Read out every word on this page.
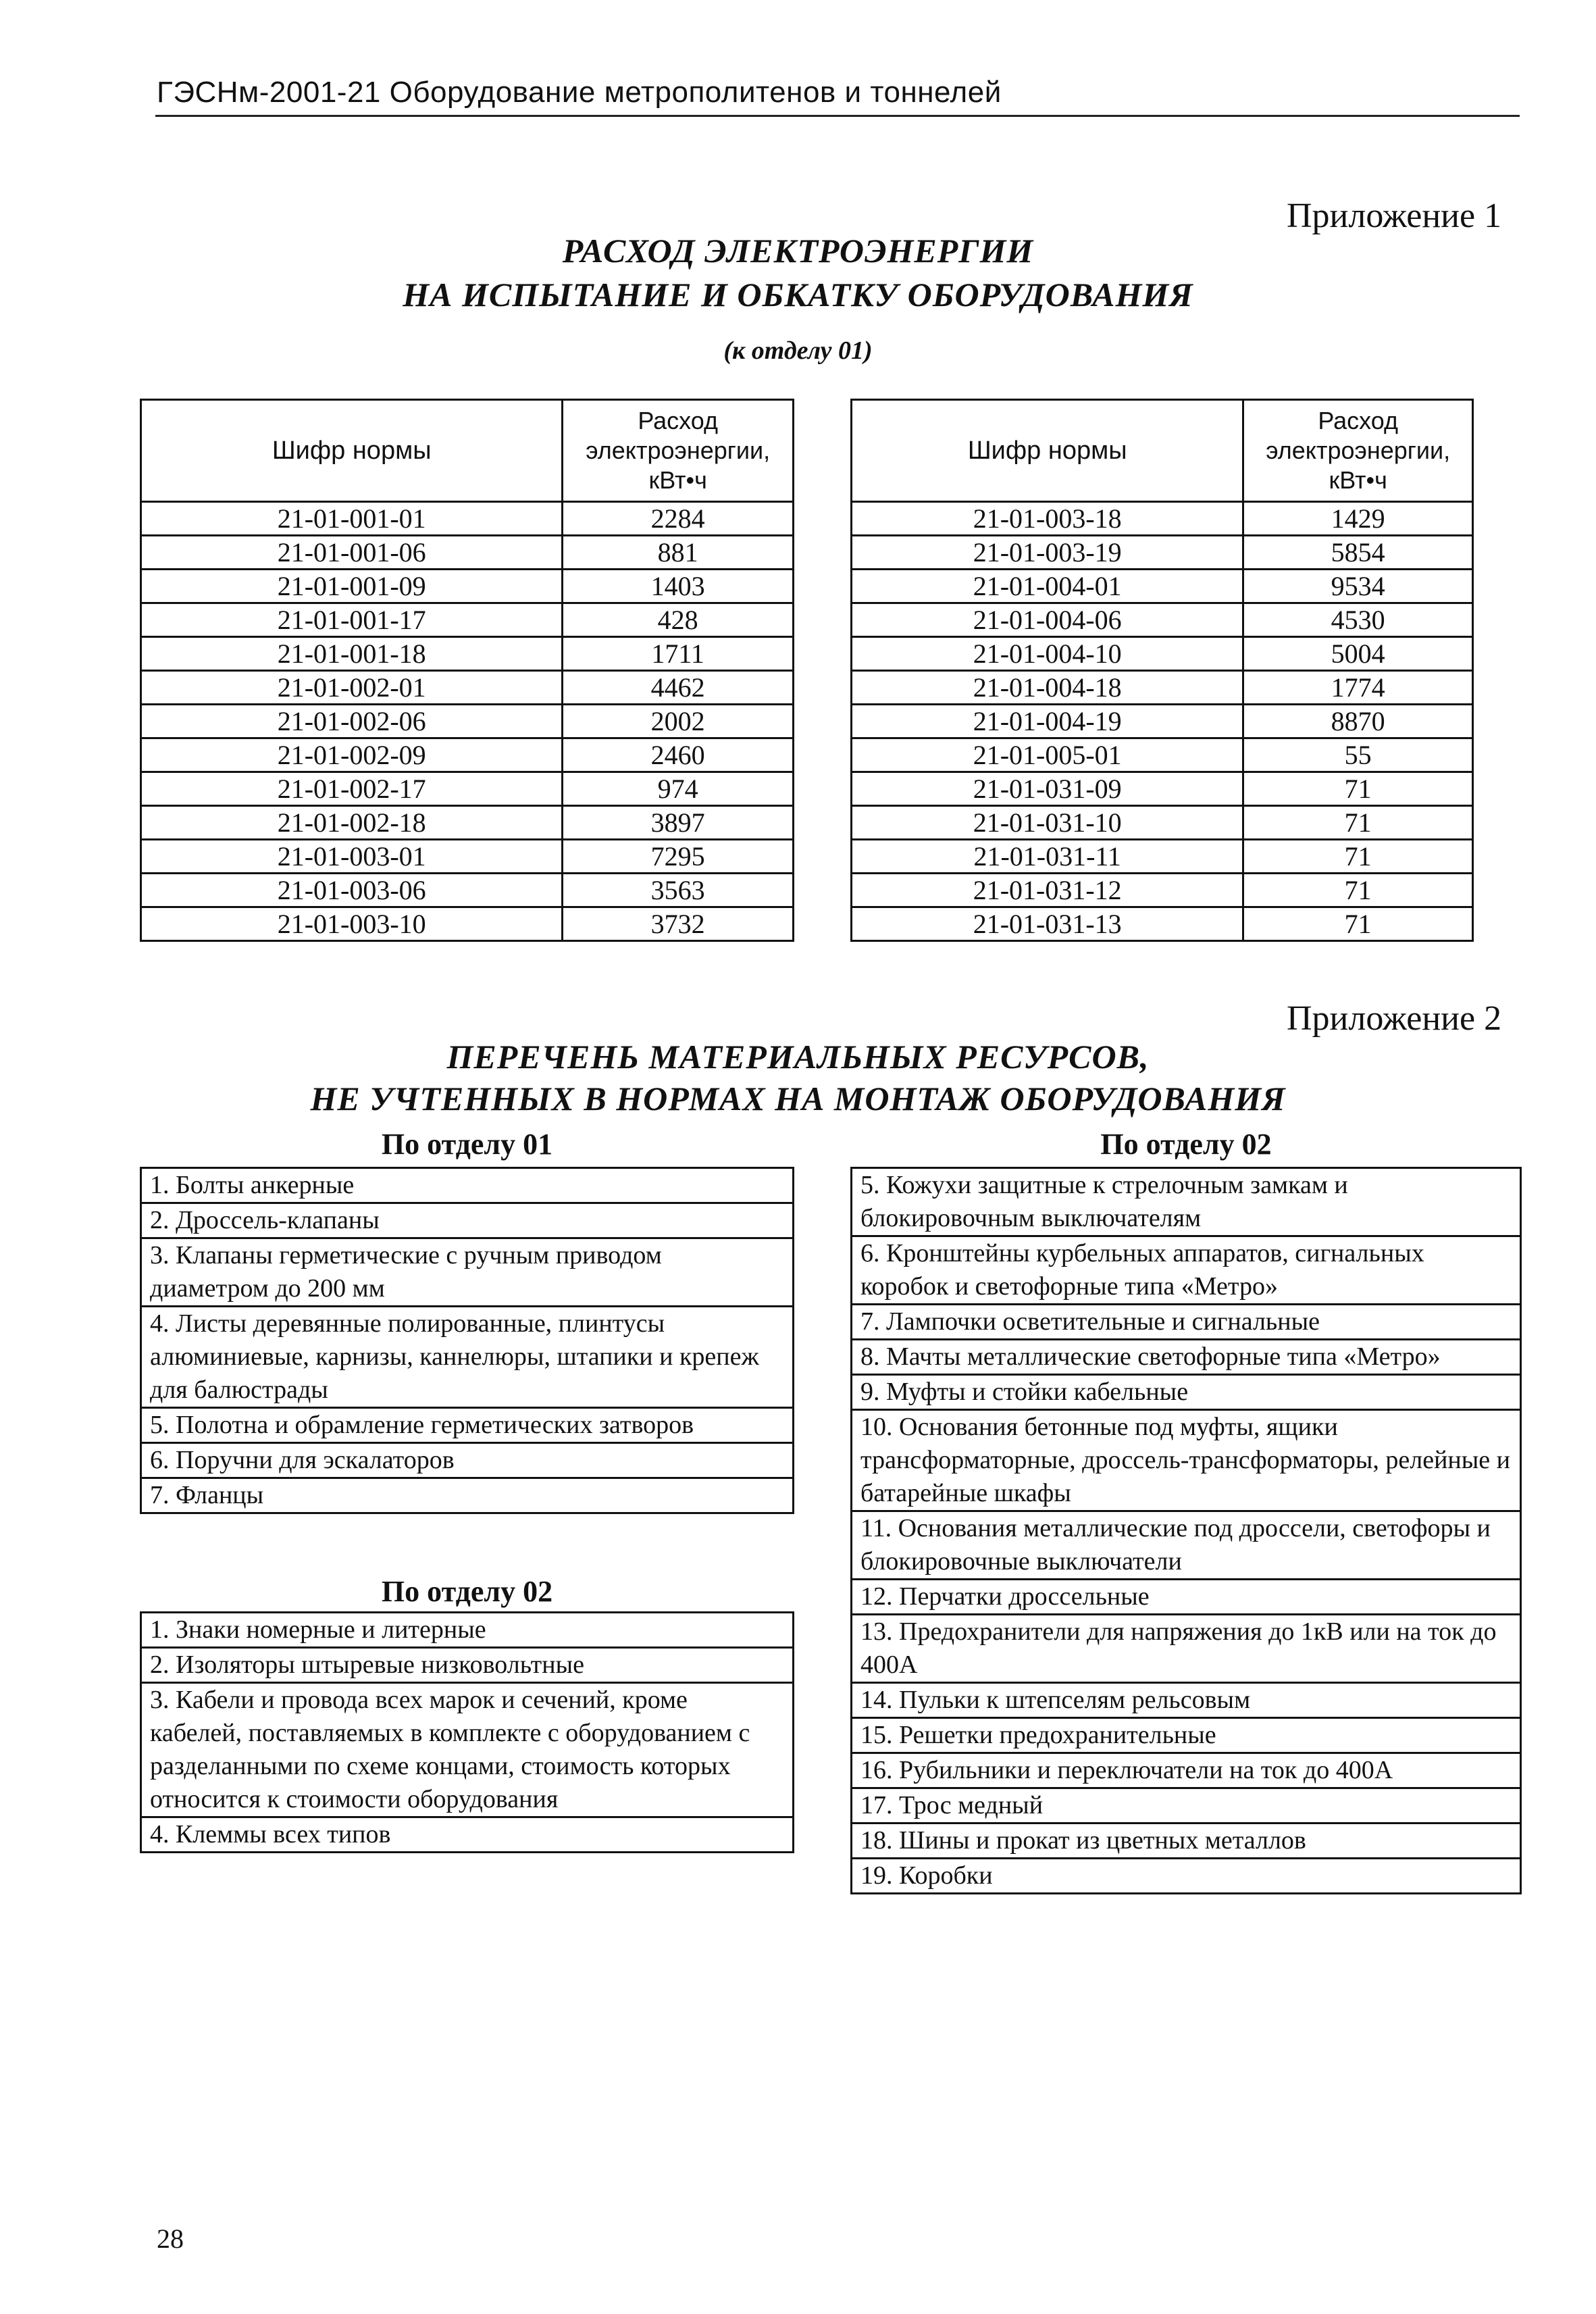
ГЭСНм-2001-21 Оборудование метрополитенов и тоннелей
Приложение 1
РАСХОД ЭЛЕКТРОЭНЕРГИИ
НА ИСПЫТАНИЕ И ОБКАТКУ ОБОРУДОВАНИЯ
(к отделу 01)
Шифр нормы	Расход
электроэнергии,
кВт•ч

21-01-001-01	2284
21-01-001-06	881
21-01-001-09	1403
21-01-001-17	428
21-01-001-18	1711
21-01-002-01	4462
21-01-002-06	2002
21-01-002-09	2460
21-01-002-17	974
21-01-002-18	3897
21-01-003-01	7295
21-01-003-06	3563
21-01-003-10	3732
Шифр нормы	Расход
электроэнергии,
кВт•ч

21-01-003-18	1429
21-01-003-19	5854
21-01-004-01	9534
21-01-004-06	4530
21-01-004-10	5004
21-01-004-18	1774
21-01-004-19	8870
21-01-005-01	55
21-01-031-09	71
21-01-031-10	71
21-01-031-11	71
21-01-031-12	71
21-01-031-13	71
Приложение 2
ПЕРЕЧЕНЬ МАТЕРИАЛЬНЫХ РЕСУРСОВ,
НЕ УЧТЕННЫХ В НОРМАХ НА МОНТАЖ ОБОРУДОВАНИЯ
По отделу 01
1. Болты анкерные
2. Дроссель-клапаны
3. Клапаны герметические с ручным приводом диаметром до 200 мм
4. Листы деревянные полированные, плинтусы алюминиевые, карнизы, каннелюры, штапики и крепеж для балюстрады
5. Полотна и обрамление герметических затворов
6. Поручни для эскалаторов
7. Фланцы
По отделу 02
1. Знаки номерные и литерные
2. Изоляторы штыревые низковольтные
3. Кабели и провода всех марок и сечений, кроме кабелей, поставляемых в комплекте с оборудованием с разделанными по схеме концами, стоимость которых относится к стоимости оборудования
4. Клеммы всех типов
По отделу 02
5. Кожухи защитные к стрелочным замкам и блокировочным выключателям
6. Кронштейны курбельных аппаратов, сигнальных коробок и светофорные типа «Метро»
7. Лампочки осветительные и сигнальные
8. Мачты металлические светофорные типа «Метро»
9. Муфты и стойки кабельные
10. Основания бетонные под муфты, ящики трансформаторные, дроссель-трансформаторы, релейные и батарейные шкафы
11. Основания металлические под дроссели, светофоры и блокировочные выключатели
12. Перчатки дроссельные
13. Предохранители для напряжения до 1кВ или на ток до 400А
14. Пульки к штепселям рельсовым
15. Решетки предохранительные
16. Рубильники и переключатели на ток до 400А
17. Трос медный
18. Шины и прокат из цветных металлов
19. Коробки
28
